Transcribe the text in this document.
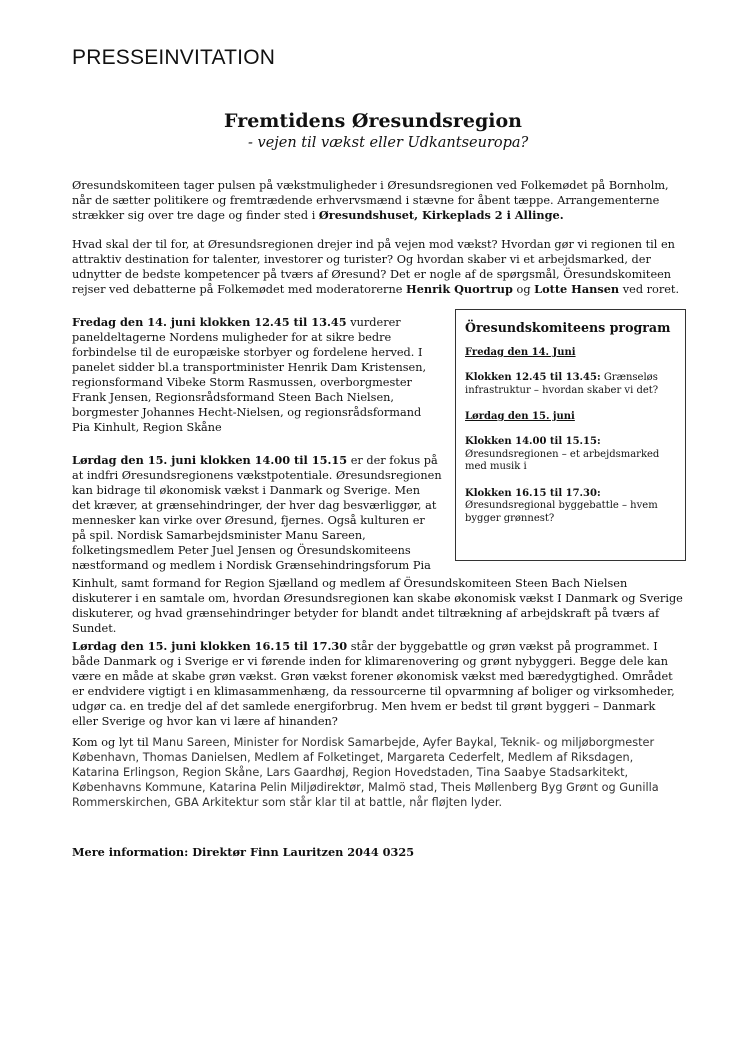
PRESSEINVITATION
Fremtidens Øresundsregion
- vejen til vækst eller Udkantseuropa?

Øresundskomiteen tager pulsen på vækstmuligheder i Øresundsregionen ved Folkemødet på Bornholm, når de sætter politikere og fremtrædende erhvervsmænd i stævne for åbent tæppe. Arrangementerne strækker sig over tre dage og finder sted i Øresundshuset, Kirkeplads 2 i Allinge.

Hvad skal der til for, at Øresundsregionen drejer ind på vejen mod vækst? Hvordan gør vi regionen til en attraktiv destination for talenter, investorer og turister? Og hvordan skaber vi et arbejdsmarked, der udnytter de bedste kompetencer på tværs af Øresund? Det er nogle af de spørgsmål, Öresundskomiteen rejser ved debatterne på Folkemødet med moderatorerne Henrik Quortrup og Lotte Hansen ved roret.

Fredag den 14. juni klokken 12.45 til 13.45 vurderer paneldeltagerne Nordens muligheder for at sikre bedre forbindelse til de europæiske storbyer og fordelene herved. I panelet sidder bl.a transportminister Henrik Dam Kristensen, regionsformand Vibeke Storm Rasmussen, overborgmester Frank Jensen, Regionsrådsformand Steen Bach Nielsen, borgmester Johannes Hecht-Nielsen, og regionsrådsformand Pia Kinhult, Region Skåne

Lørdag den 15. juni klokken 14.00 til 15.15 er der fokus på at indfri Øresundsregionens vækstpotentiale. Øresundsregionen kan bidrage til økonomisk vækst i Danmark og Sverige. Men det kræver, at grænsehindringer, der hver dag besværliggør, at mennesker kan virke over Øresund, fjernes. Også kulturen er på spil. Nordisk Samarbejdsminister Manu Sareen, folketingsmedlem Peter Juel Jensen og Öresundskomiteens næstformand og medlem i Nordisk Grænsehindringsforum Pia

Kinhult, samt formand for Region Sjælland og medlem af Öresundskomiteen Steen Bach Nielsen diskuterer i en samtale om, hvordan Øresundsregionen kan skabe økonomisk vækst I Danmark og Sverige diskuterer, og hvad grænsehindringer betyder for blandt andet tiltrækning af arbejdskraft på tværs af Sundet.

Lørdag den 15. juni klokken 16.15 til 17.30 står der byggebattle og grøn vækst på programmet. I både Danmark og i Sverige er vi førende inden for klimarenovering og grønt nybyggeri. Begge dele kan være en måde at skabe grøn vækst. Grøn vækst forener økonomisk vækst med bæredygtighed. Området er endvidere vigtigt i en klimasammenhæng, da ressourcerne til opvarmning af boliger og virksomheder, udgør ca. en tredje del af det samlede energiforbrug. Men hvem er bedst til grønt byggeri – Danmark eller Sverige og hvor kan vi lære af hinanden?

Kom og lyt til Manu Sareen, Minister for Nordisk Samarbejde, Ayfer Baykal, Teknik- og miljøborgmester København, Thomas Danielsen, Medlem af Folketinget, Margareta Cederfelt, Medlem af Riksdagen, Katarina Erlingson, Region Skåne, Lars Gaardhøj, Region Hovedstaden, Tina Saabye Stadsarkitekt, Københavns Kommune, Katarina Pelin Miljødirektør, Malmö stad, Theis Møllenberg Byg Grønt og Gunilla Rommerskirchen, GBA Arkitektur som står klar til at battle, når fløjten lyder.

Mere information: Direktør Finn Lauritzen 2044 0325
Öresundskomiteens program
Fredag den 14. Juni
Klokken 12.45 til 13.45: Grænseløs infrastruktur – hvordan skaber vi det?
Lørdag den 15. juni
Klokken 14.00 til 15.15:
Øresundsregionen – et arbejdsmarked med musik i
Klokken 16.15 til 17.30:
Øresundsregional byggebattle – hvem bygger grønnest?
